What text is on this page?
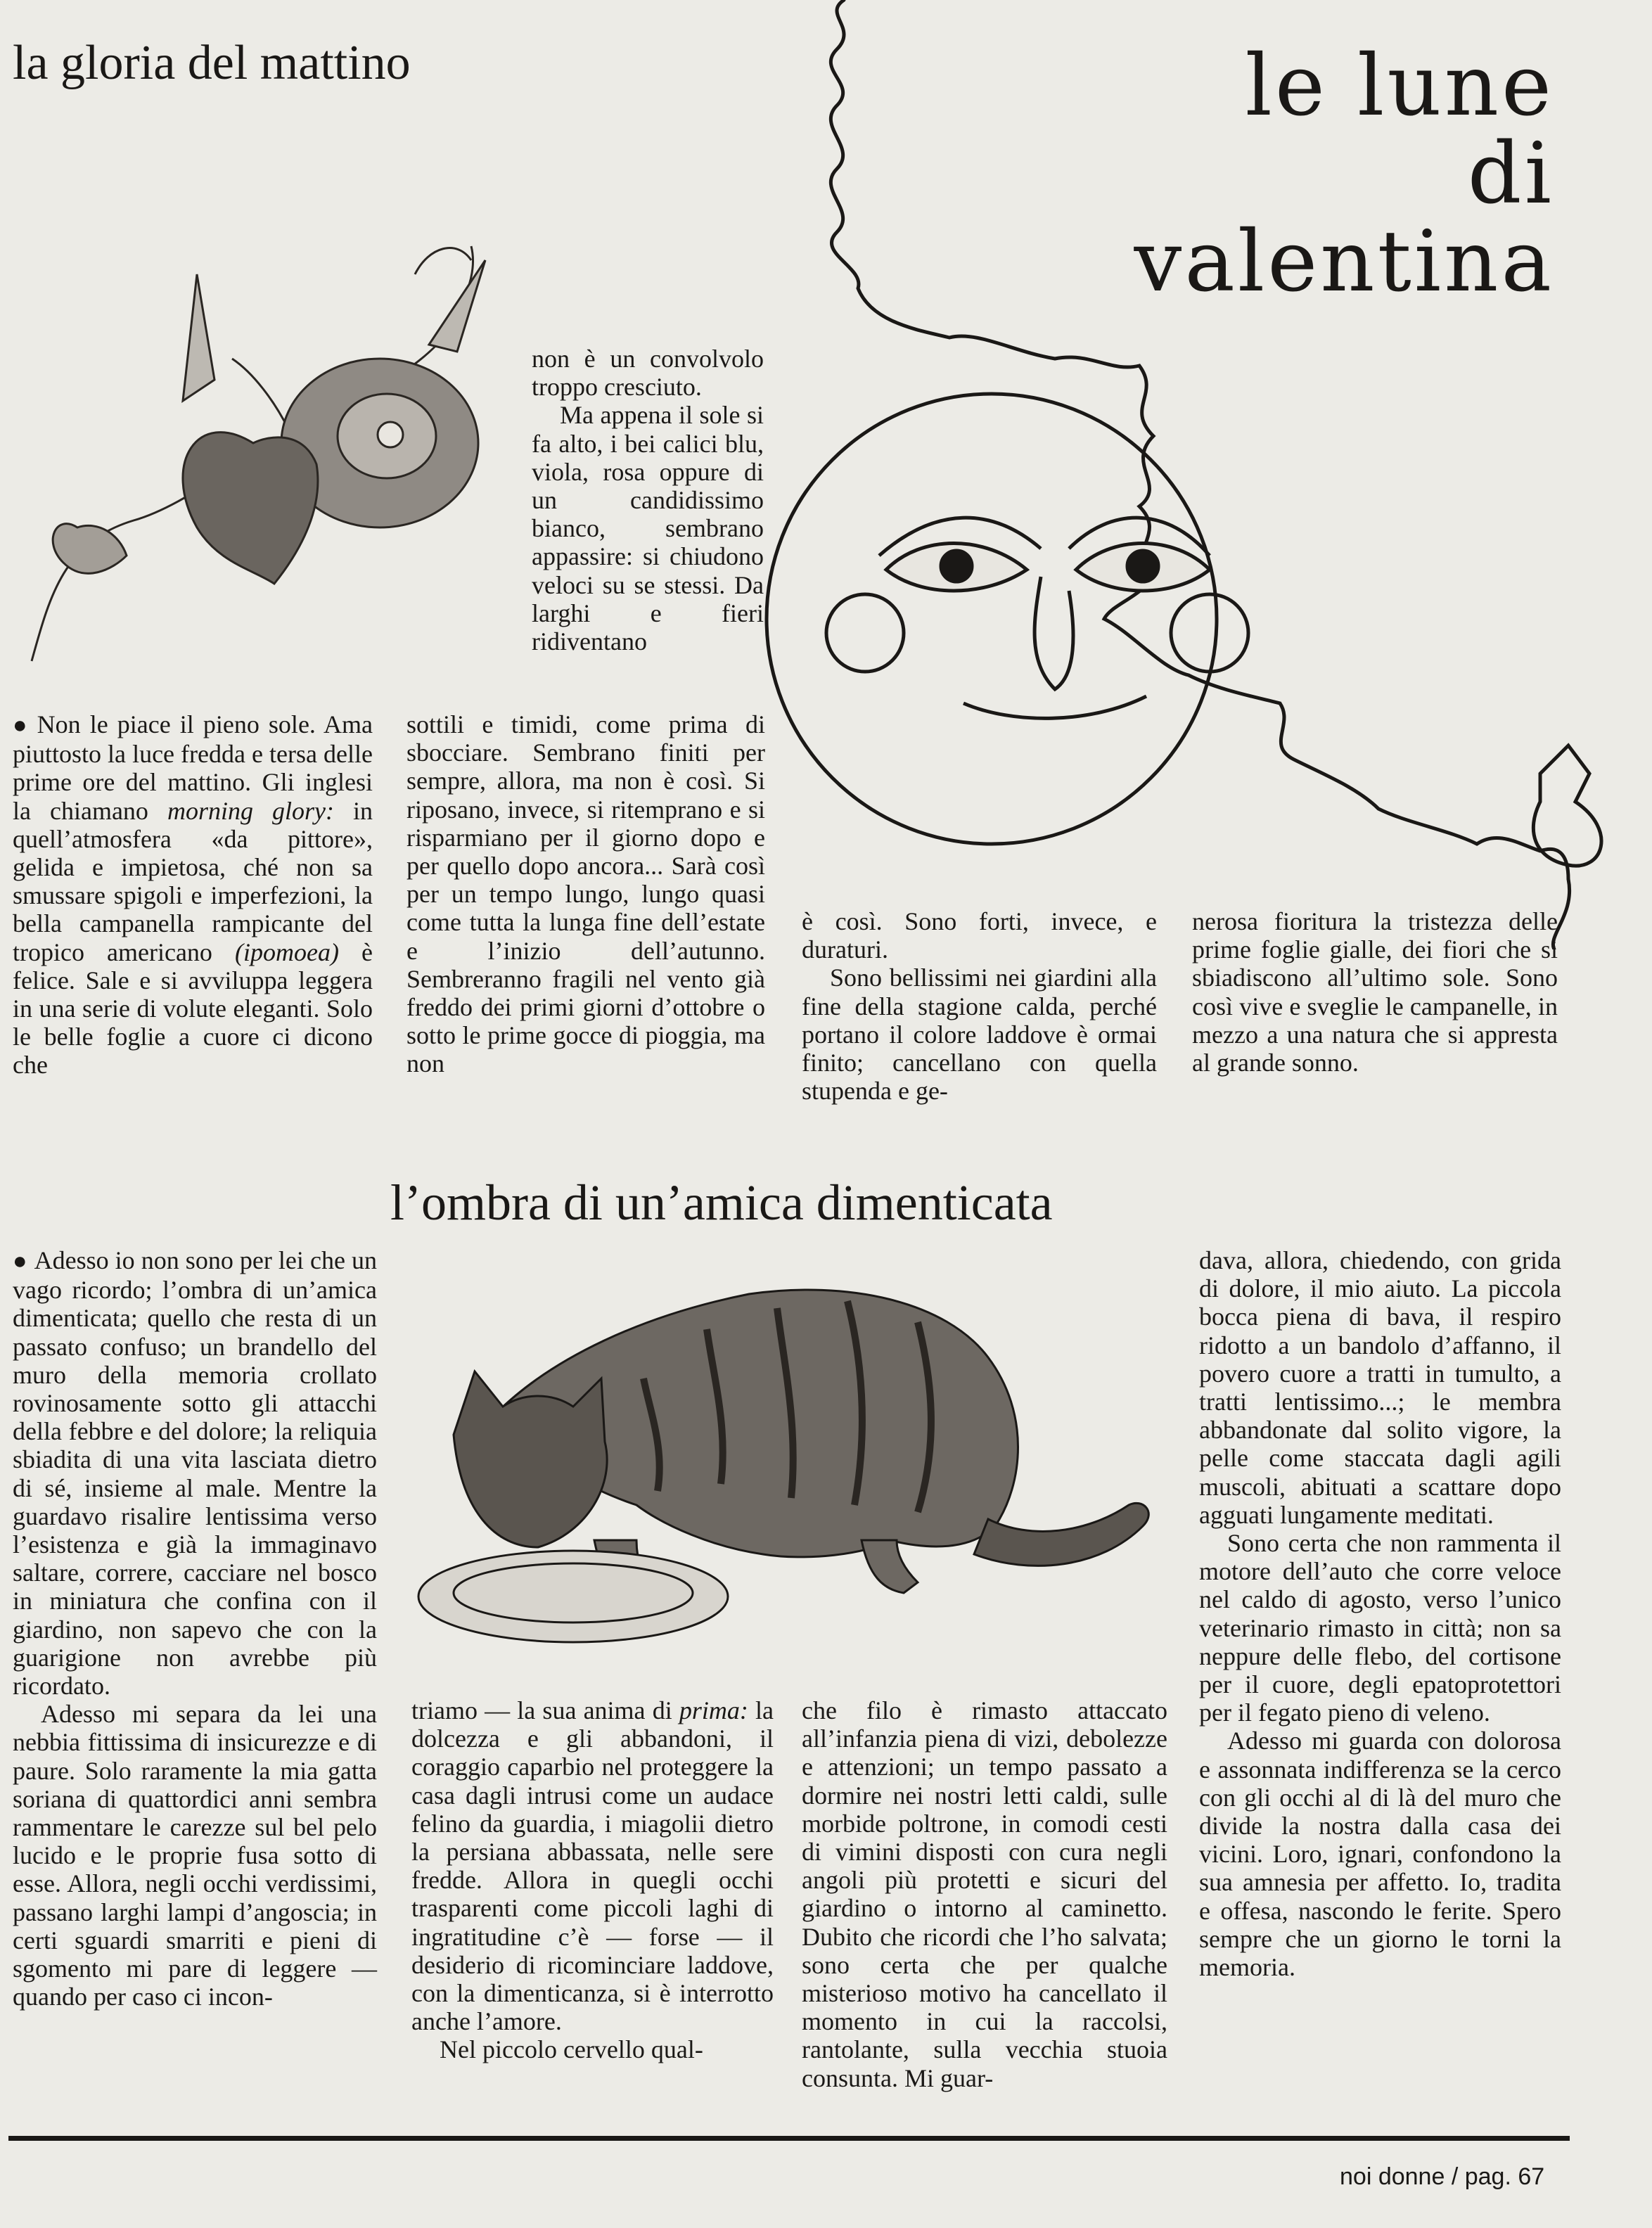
la gloria del mattino	le lune
di valentina

● Non le piace il pieno sole. Ama piuttosto la luce fredda e tersa delle prime ore del mattino. Gli inglesi la chiamano morning glory: in quell’atmosfera «da pittore», gelida e impietosa, ché non sa smussare spigoli e imperfezioni, la bella campanella rampicante del tropico americano (ipomoea) è felice. Sale e si avviluppa leggera in una serie di volute eleganti. Solo le belle foglie a cuore ci dicono che

non è un convolvolo troppo cresciuto.
Ma appena il sole si fa alto, i bei calici blu, viola, rosa oppure di un candidissimo bianco, sembrano appassire: si chiudono veloci su se stessi. Da larghi e fieri ridiventano

sottili e timidi, come prima di sbocciare. Sembrano finiti per sempre, allora, ma non è così. Si riposano, invece, si ritemprano e si risparmiano per il giorno dopo e per quello dopo ancora... Sarà così per un tempo lungo, lungo quasi come tutta la lunga fine dell’estate e l’inizio dell’autunno. Sembreranno fragili nel vento già freddo dei primi giorni d’ottobre o sotto le prime gocce di pioggia, ma non

è così. Sono forti, invece, e duraturi.
Sono bellissimi nei giardini alla fine della stagione calda, perché portano il colore laddove è ormai finito; cancellano con quella stupenda e ge-

nerosa fioritura la tristezza delle prime foglie gialle, dei fiori che si sbiadiscono all’ultimo sole. Sono così vive e sveglie le campanelle, in mezzo a una natura che si appresta al grande sonno.

l’ombra di un’amica dimenticata

● Adesso io non sono per lei che un vago ricordo; l’ombra di un’amica dimenticata; quello che resta di un passato confuso; un brandello del muro della memoria crollato rovinosamente sotto gli attacchi della febbre e del dolore; la reliquia sbiadita di una vita lasciata dietro di sé, insieme al male. Mentre la guardavo risalire lentissima verso l’esistenza e già la immaginavo saltare, correre, cacciare nel bosco in miniatura che confina con il giardino, non sapevo che con la guarigione non avrebbe più ricordato.
Adesso mi separa da lei una nebbia fittissima di insicurezze e di paure. Solo raramente la mia gatta soriana di quattordici anni sembra rammentare le carezze sul bel pelo lucido e le proprie fusa sotto di esse. Allora, negli occhi verdissimi, passano larghi lampi d’angoscia; in certi sguardi smarriti e pieni di sgomento mi pare di leggere — quando per caso ci incon-

triamo — la sua anima di prima: la dolcezza e gli abbandoni, il coraggio caparbio nel proteggere la casa dagli intrusi come un audace felino da guardia, i miagolii dietro la persiana abbassata, nelle sere fredde. Allora in quegli occhi trasparenti come piccoli laghi di ingratitudine c’è — forse — il desiderio di ricominciare laddove, con la dimenticanza, si è interrotto anche l’amore.
Nel piccolo cervello qual-

che filo è rimasto attaccato all’infanzia piena di vizi, debolezze e attenzioni; un tempo passato a dormire nei nostri letti caldi, sulle morbide poltrone, in comodi cesti di vimini disposti con cura negli angoli più protetti e sicuri del giardino o intorno al caminetto. Dubito che ricordi che l’ho salvata; sono certa che per qualche misterioso motivo ha cancellato il momento in cui la raccolsi, rantolante, sulla vecchia stuoia consunta. Mi guar-

dava, allora, chiedendo, con grida di dolore, il mio aiuto. La piccola bocca piena di bava, il respiro ridotto a un bandolo d’affanno, il povero cuore a tratti in tumulto, a tratti lentissimo...; le membra abbandonate dal solito vigore, la pelle come staccata dagli agili muscoli, abituati a scattare dopo agguati lungamente meditati.
Sono certa che non rammenta il motore dell’auto che corre veloce nel caldo di agosto, verso l’unico veterinario rimasto in città; non sa neppure delle flebo, del cortisone per il cuore, degli epatoprotettori per il fegato pieno di veleno.
Adesso mi guarda con dolorosa e assonnata indifferenza se la cerco con gli occhi al di là del muro che divide la nostra dalla casa dei vicini. Loro, ignari, confondono la sua amnesia per affetto. Io, tradita e offesa, nascondo le ferite. Spero sempre che un giorno le torni la memoria.

noi donne / pag. 67
